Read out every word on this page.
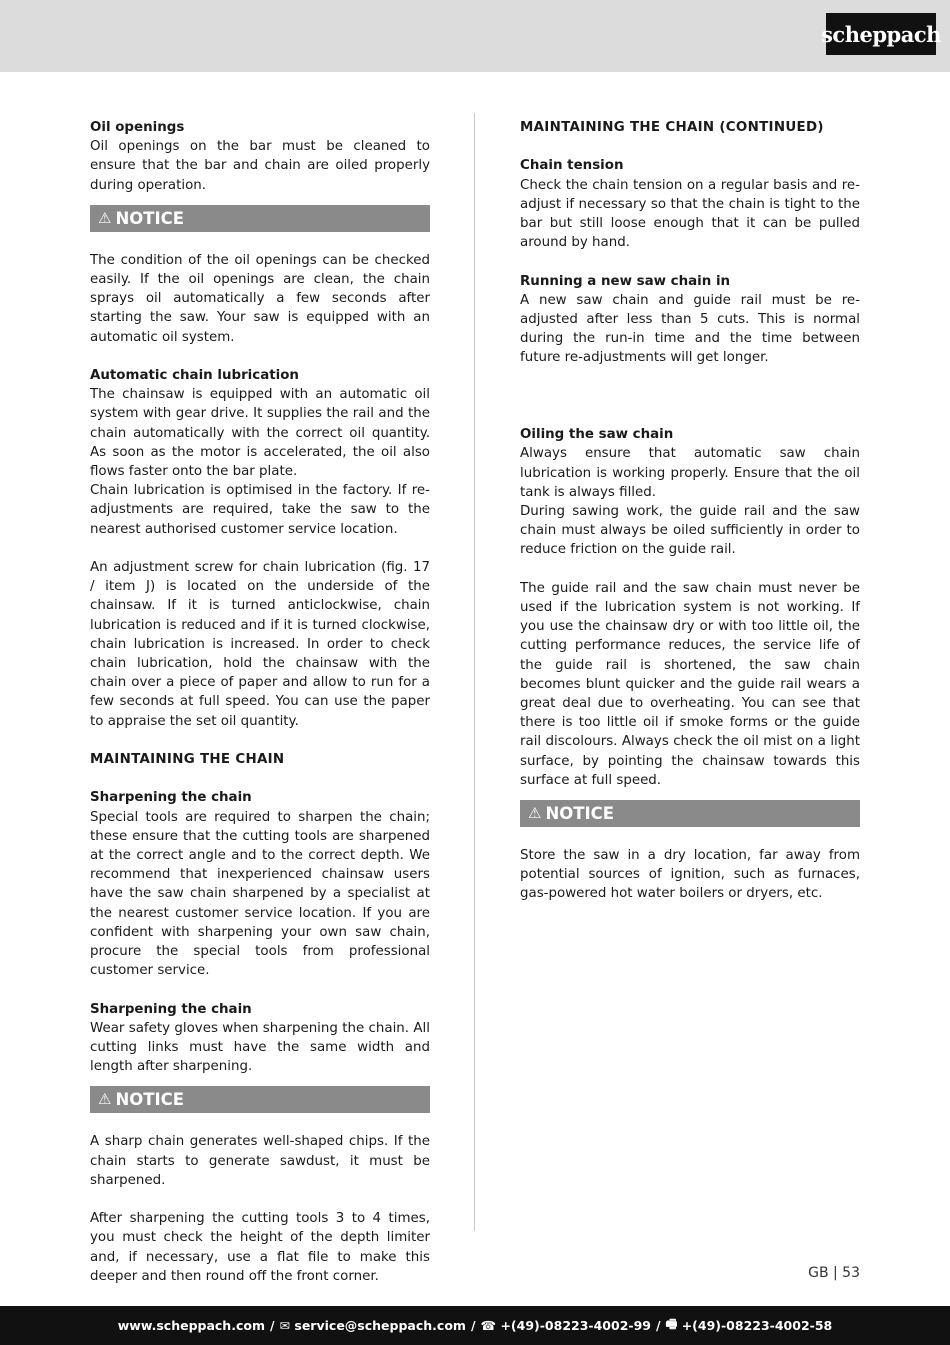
scheppach
Oil openings

Oil openings on the bar must be cleaned to ensure that the bar and chain are oiled properly during operation.

⚠ NOTICE

The condition of the oil openings can be checked easily. If the oil openings are clean, the chain sprays oil automatically a few seconds after starting the saw. Your saw is equipped with an automatic oil system.

Automatic chain lubrication

The chainsaw is equipped with an automatic oil system with gear drive. It supplies the rail and the chain automatically with the correct oil quantity. As soon as the motor is accelerated, the oil also flows faster onto the bar plate.

Chain lubrication is optimised in the factory. If re-adjustments are required, take the saw to the nearest authorised customer service location.

An adjustment screw for chain lubrication (fig. 17 / item J) is located on the underside of the chainsaw. If it is turned anticlockwise, chain lubrication is reduced and if it is turned clockwise, chain lubrication is increased. In order to check chain lubrication, hold the chainsaw with the chain over a piece of paper and allow to run for a few seconds at full speed. You can use the paper to appraise the set oil quantity.

MAINTAINING THE CHAIN
Sharpening the chain

Special tools are required to sharpen the chain; these ensure that the cutting tools are sharpened at the correct angle and to the correct depth. We recommend that inexperienced chainsaw users have the saw chain sharpened by a specialist at the nearest customer service location. If you are confident with sharpening your own saw chain, procure the special tools from professional customer service.

Sharpening the chain

Wear safety gloves when sharpening the chain. All cutting links must have the same width and length after sharpening.

⚠ NOTICE

A sharp chain generates well-shaped chips. If the chain starts to generate sawdust, it must be sharpened.

After sharpening the cutting tools 3 to 4 times, you must check the height of the depth limiter and, if necessary, use a flat file to make this deeper and then round off the front corner.

MAINTAINING THE CHAIN (CONTINUED)
Chain tension

Check the chain tension on a regular basis and re-adjust if necessary so that the chain is tight to the bar but still loose enough that it can be pulled around by hand.

Running a new saw chain in

A new saw chain and guide rail must be re-adjusted after less than 5 cuts. This is normal during the run-in time and the time between future re-adjustments will get longer.

Oiling the saw chain

Always ensure that automatic saw chain lubrication is working properly. Ensure that the oil tank is always filled.

During sawing work, the guide rail and the saw chain must always be oiled sufficiently in order to reduce friction on the guide rail.

The guide rail and the saw chain must never be used if the lubrication system is not working. If you use the chainsaw dry or with too little oil, the cutting performance reduces, the service life of the guide rail is shortened, the saw chain becomes blunt quicker and the guide rail wears a great deal due to overheating. You can see that there is too little oil if smoke forms or the guide rail discolours. Always check the oil mist on a light surface, by pointing the chainsaw towards this surface at full speed.

⚠ NOTICE

Store the saw in a dry location, far away from potential sources of ignition, such as furnaces, gas-powered hot water boilers or dryers, etc.

GB | 53
www.scheppach.com / ✉ service@scheppach.com / ☎ +(49)-08223-4002-99 / 🖷 +(49)-08223-4002-58
